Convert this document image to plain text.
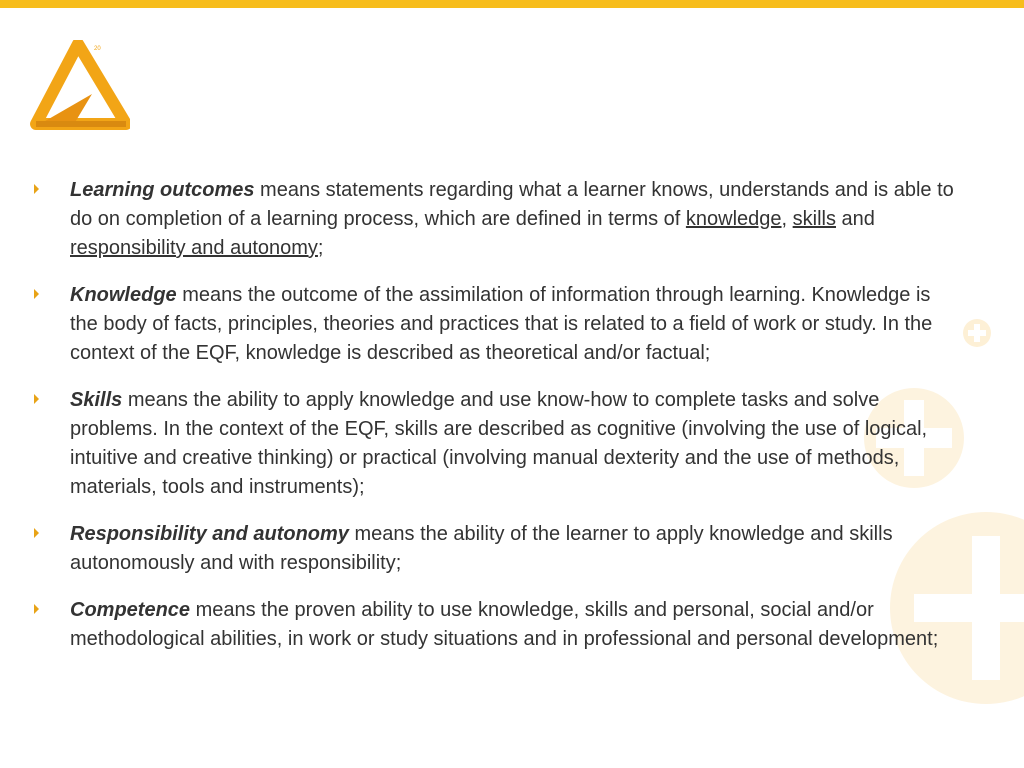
20
Learning outcomes means statements regarding what a learner knows, understands and is able to do on completion of a learning process, which are defined in terms of knowledge, skills and responsibility and autonomy;
Knowledge means the outcome of the assimilation of information through learning. Knowledge is the body of facts, principles, theories and practices that is related to a field of work or study. In the context of the EQF, knowledge is described as theoretical and/or factual;
Skills means the ability to apply knowledge and use know-how to complete tasks and solve problems. In the context of the EQF, skills are described as cognitive (involving the use of logical, intuitive and creative thinking) or practical (involving manual dexterity and the use of methods, materials, tools and instruments);
Responsibility and autonomy means the ability of the learner to apply knowledge and skills autonomously and with responsibility;
Competence means the proven ability to use knowledge, skills and personal, social and/or methodological abilities, in work or study situations and in professional and personal development;
